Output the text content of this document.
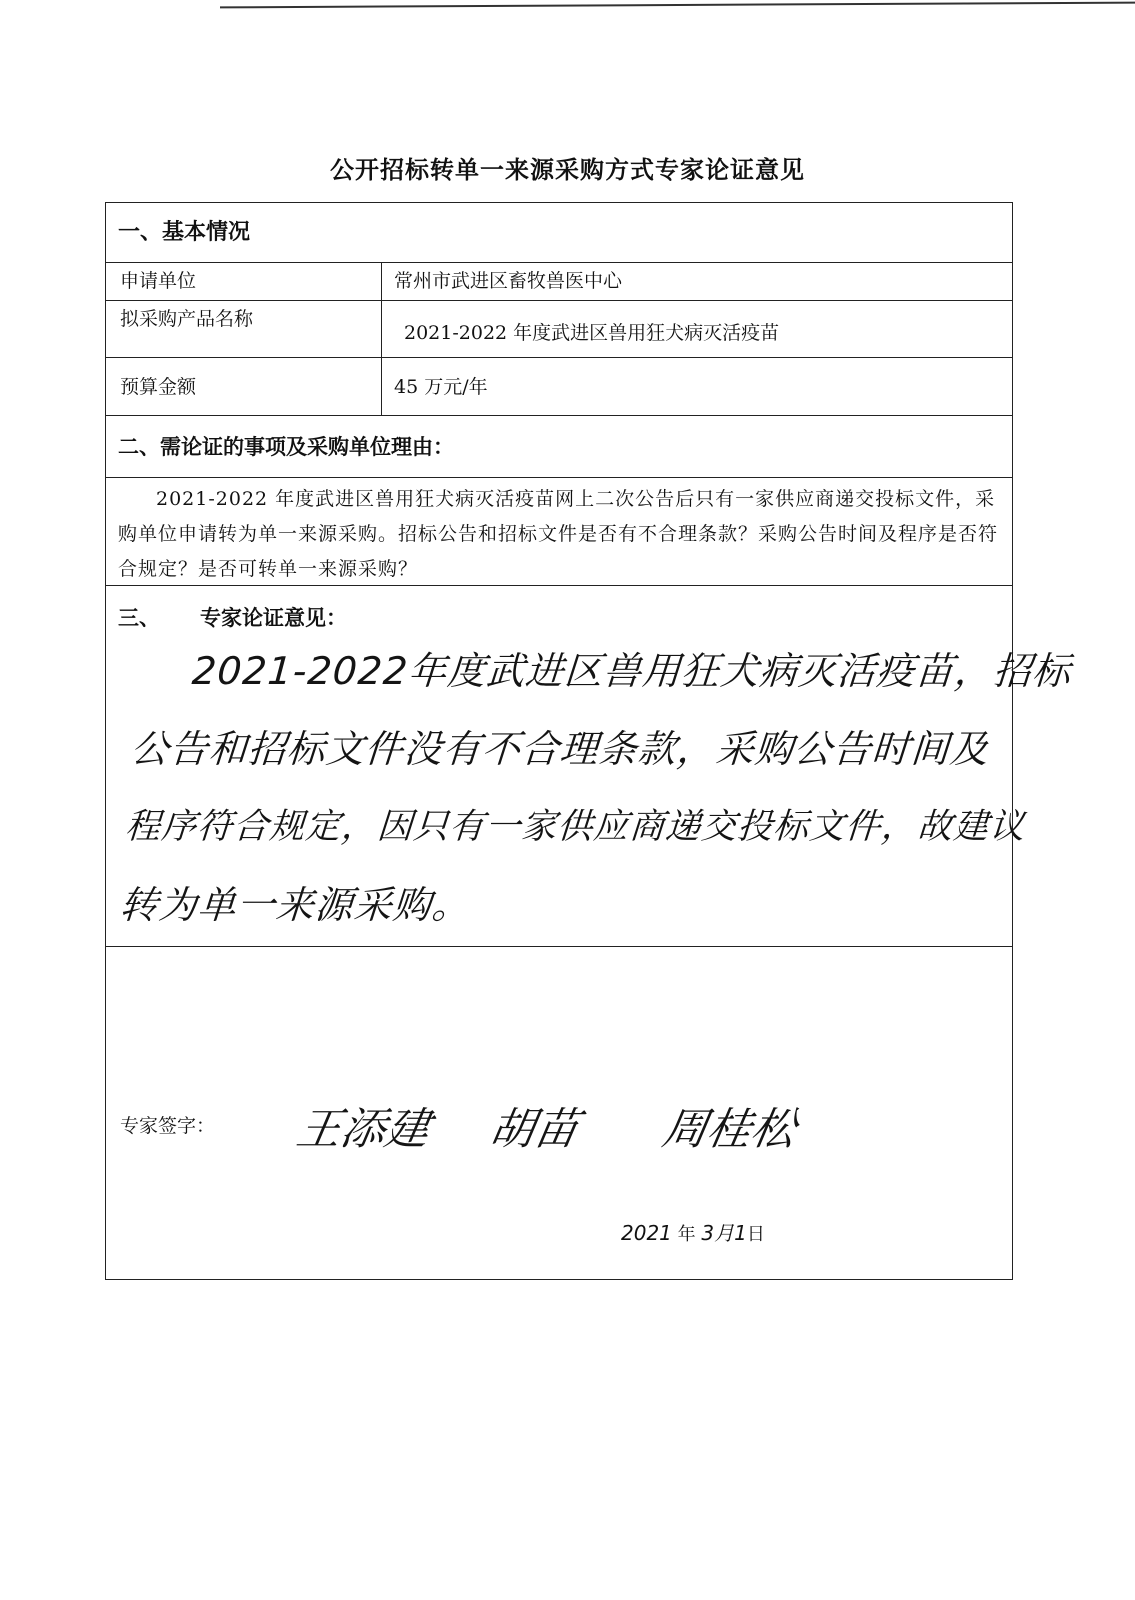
公开招标转单一来源采购方式专家论证意见
一、基本情况
申请单位	常州市武进区畜牧兽医中心
拟采购产品名称
2021-2022 年度武进区兽用狂犬病灭活疫苗
预算金额	45 万元/年
二、需论证的事项及采购单位理由：
2021-2022 年度武进区兽用狂犬病灭活疫苗网上二次公告后只有一家供应商递交投标文件，采购单位申请转为单一来源采购。招标公告和招标文件是否有不合理条款？采购公告时间及程序是否符合规定？是否可转单一来源采购？
三、 专家论证意见：
2021-2022年度武进区兽用狂犬病灭活疫苗，招标
公告和招标文件没有不合理条款，采购公告时间及
程序符合规定，因只有一家供应商递交投标文件，故建议
转为单一来源采购。
专家签字： 王添建 胡苗 周桂松
2021 年 3月1日
